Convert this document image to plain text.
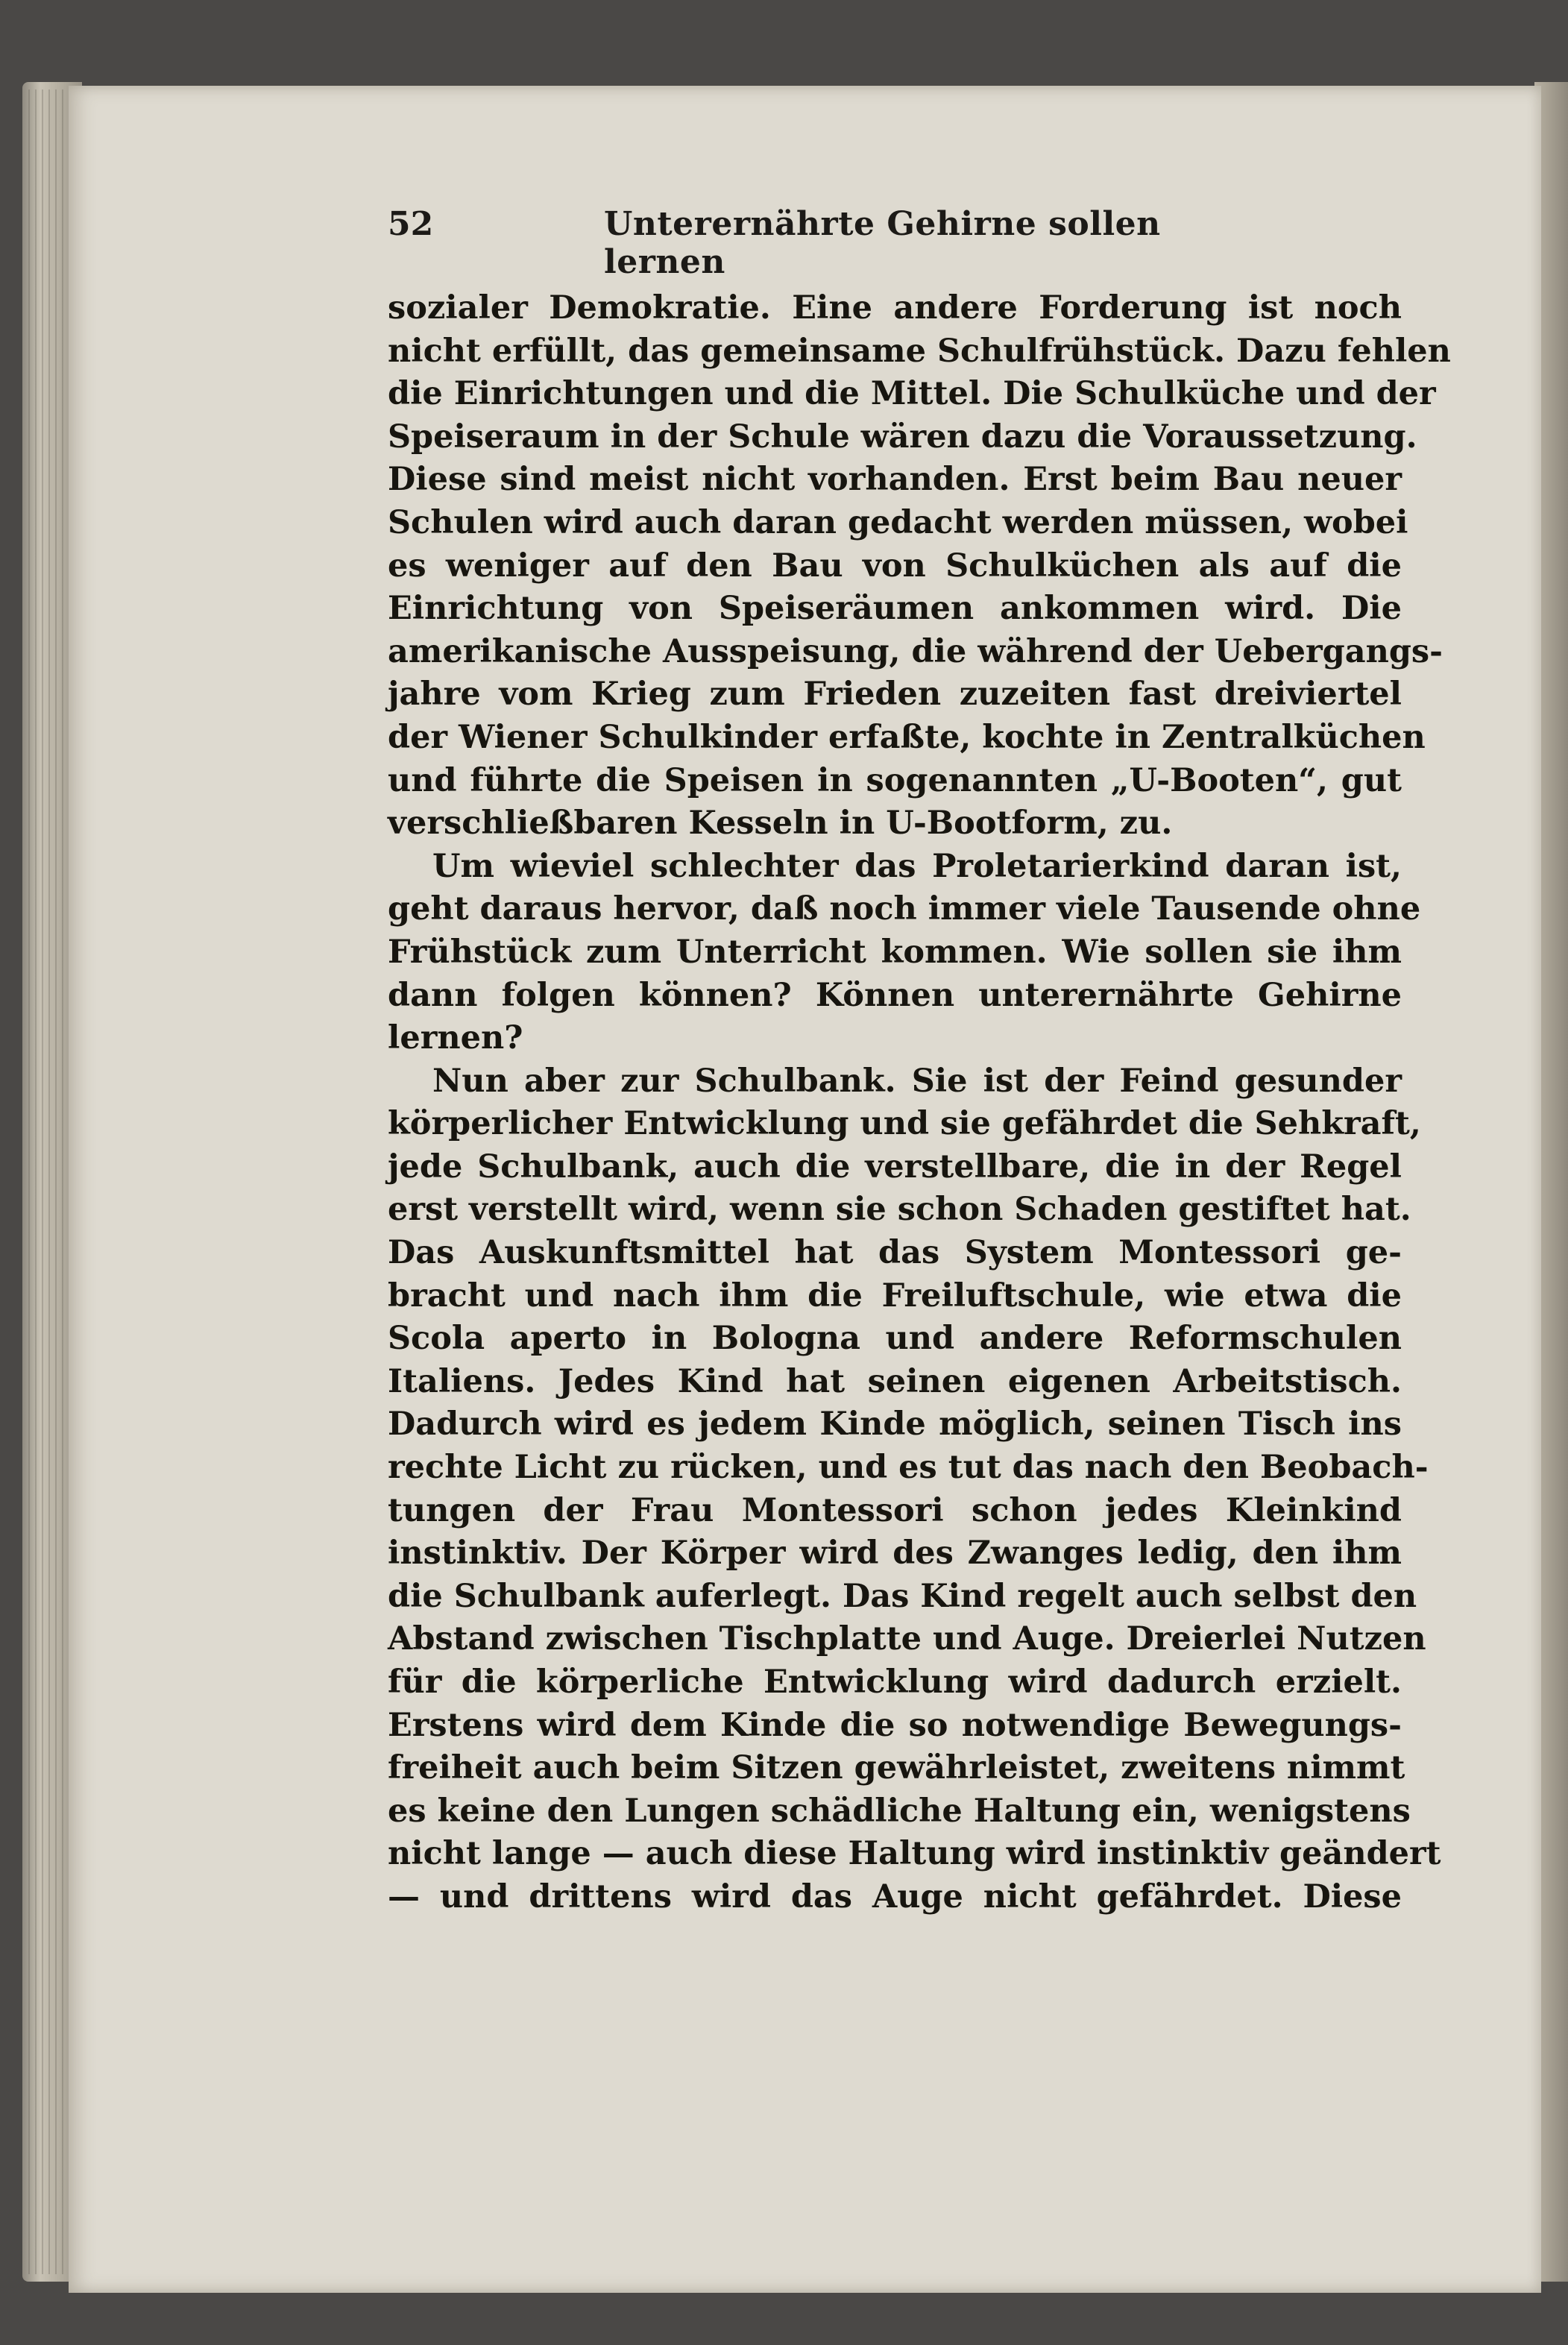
52	Unterernährte Gehirne sollen lernen
sozialer Demokratie. Eine andere Forderung ist noch
nicht erfüllt, das gemeinsame Schulfrühstück. Dazu fehlen
die Einrichtungen und die Mittel. Die Schulküche und der
Speiseraum in der Schule wären dazu die Voraussetzung.
Diese sind meist nicht vorhanden. Erst beim Bau neuer
Schulen wird auch daran gedacht werden müssen, wobei
es weniger auf den Bau von Schulküchen als auf die
Einrichtung von Speiseräumen ankommen wird. Die
amerikanische Ausspeisung, die während der Uebergangs-
jahre vom Krieg zum Frieden zuzeiten fast dreiviertel
der Wiener Schulkinder erfaßte, kochte in Zentralküchen
und führte die Speisen in sogenannten „U-Booten“, gut
verschließbaren Kesseln in U-Bootform, zu.
Um wieviel schlechter das Proletarierkind daran ist,
geht daraus hervor, daß noch immer viele Tausende ohne
Frühstück zum Unterricht kommen. Wie sollen sie ihm
dann folgen können? Können unterernährte Gehirne
lernen?
Nun aber zur Schulbank. Sie ist der Feind gesunder
körperlicher Entwicklung und sie gefährdet die Sehkraft,
jede Schulbank, auch die verstellbare, die in der Regel
erst verstellt wird, wenn sie schon Schaden gestiftet hat.
Das Auskunftsmittel hat das System Montessori ge-
bracht und nach ihm die Freiluftschule, wie etwa die
Scola aperto in Bologna und andere Reformschulen
Italiens. Jedes Kind hat seinen eigenen Arbeitstisch.
Dadurch wird es jedem Kinde möglich, seinen Tisch ins
rechte Licht zu rücken, und es tut das nach den Beobach-
tungen der Frau Montessori schon jedes Kleinkind
instinktiv. Der Körper wird des Zwanges ledig, den ihm
die Schulbank auferlegt. Das Kind regelt auch selbst den
Abstand zwischen Tischplatte und Auge. Dreierlei Nutzen
für die körperliche Entwicklung wird dadurch erzielt.
Erstens wird dem Kinde die so notwendige Bewegungs-
freiheit auch beim Sitzen gewährleistet, zweitens nimmt
es keine den Lungen schädliche Haltung ein, wenigstens
nicht lange — auch diese Haltung wird instinktiv geändert
— und drittens wird das Auge nicht gefährdet. Diese
